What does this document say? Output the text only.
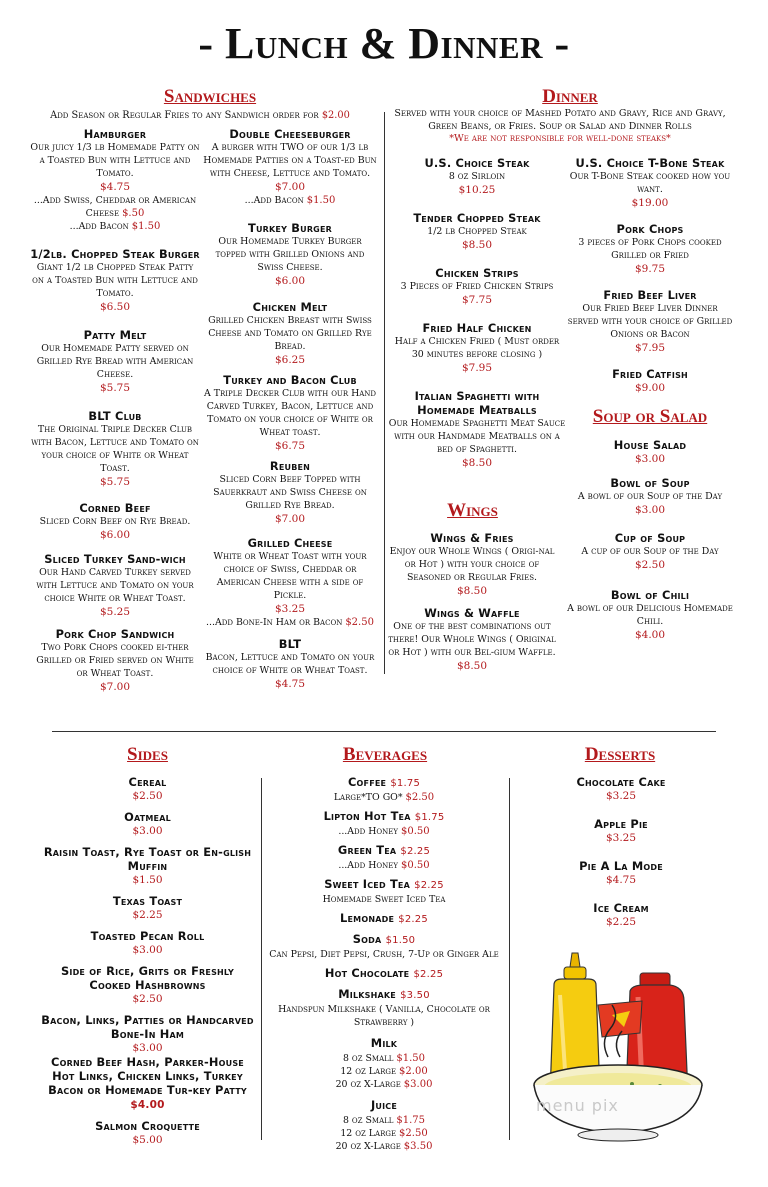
- Lunch & Dinner -
Sandwiches
Add Season or Regular Fries to any Sandwich order for $2.00
Hamburger
Our juicy 1/3 lb Homemade Patty on a Toasted Bun with Lettuce and Tomato.
$4.75
...Add Swiss, Cheddar or American Cheese $.50
...Add Bacon $1.50
1/2lb. Chopped Steak Burger
Giant 1/2 lb Chopped Steak Patty on a Toasted Bun with Lettuce and Tomato.
$6.50
Patty Melt
Our Homemade Patty served on Grilled Rye Bread with American Cheese.
$5.75
BLT Club
The Original Triple Decker Club with Bacon, Lettuce and Tomato on your choice of White or Wheat Toast.
$5.75
Corned Beef
Sliced Corn Beef on Rye Bread.
$6.00
Sliced Turkey Sand-wich
Our Hand Carved Turkey served with Lettuce and Tomato on your choice White or Wheat Toast.
$5.25
Pork Chop Sandwich
Two Pork Chops cooked ei-ther Grilled or Fried served on White or Wheat Toast.
$7.00
Double Cheeseburger
A burger with TWO of our 1/3 lb Homemade Patties on a Toast-ed Bun with Cheese, Lettuce and Tomato.
$7.00
...Add Bacon $1.50
Turkey Burger
Our Homemade Turkey Burger topped with Grilled Onions and Swiss Cheese.
$6.00
Chicken Melt
Grilled Chicken Breast with Swiss Cheese and Tomato on Grilled Rye Bread.
$6.25
Turkey and Bacon Club
A Triple Decker Club with our Hand Carved Turkey, Bacon, Lettuce and Tomato on your choice of White or Wheat toast.
$6.75
Reuben
Sliced Corn Beef Topped with Sauerkraut and Swiss Cheese on Grilled Rye Bread.
$7.00
Grilled Cheese
White or Wheat Toast with your choice of Swiss, Cheddar or American Cheese with a side of Pickle.
$3.25
...Add Bone-In Ham or Bacon $2.50
BLT
Bacon, Lettuce and Tomato on your choice of White or Wheat Toast.
$4.75
Dinner
Served with your choice of Mashed Potato and Gravy, Rice and Gravy, Green Beans, or Fries. Soup or Salad and Dinner Rolls
*We are not responsible for well-done steaks*
U.S. Choice Steak
8 oz Sirloin
$10.25
Tender Chopped Steak
1/2 lb Chopped Steak
$8.50
Chicken Strips
3 Pieces of Fried Chicken Strips
$7.75
Fried Half Chicken
Half a Chicken Fried ( Must order 30 minutes before closing )
$7.95
Italian Spaghetti with Homemade Meatballs
Our Homemade Spaghetti Meat Sauce with our Handmade Meatballs on a bed of Spaghetti.
$8.50
U.S. Choice T-Bone Steak
Our T-Bone Steak cooked how you want.
$19.00
Pork Chops
3 pieces of Pork Chops cooked Grilled or Fried
$9.75
Fried Beef Liver
Our Fried Beef Liver Dinner served with your choice of Grilled Onions or Bacon
$7.95
Fried Catfish
$9.00
Wings
Wings & Fries
Enjoy our Whole Wings ( Origi-nal or Hot ) with your choice of Seasoned or Regular Fries.
$8.50
Wings & Waffle
One of the best combinations out there! Our Whole Wings ( Original or Hot ) with our Bel-gium Waffle.
$8.50
Soup or Salad
House Salad
$3.00
Bowl of Soup
A bowl of our Soup of the Day
$3.00
Cup of Soup
A cup of our Soup of the Day
$2.50
Bowl of Chili
A bowl of our Delicious Homemade Chili.
$4.00
Sides
Cereal
$2.50
Oatmeal
$3.00
Raisin Toast, Rye Toast or En-glish Muffin
$1.50
Texas Toast
$2.25
Toasted Pecan Roll
$3.00
Side of Rice, Grits or Freshly Cooked Hashbrowns
$2.50
Bacon, Links, Patties or Handcarved Bone-In Ham
$3.00
Corned Beef Hash, Parker-House Hot Links, Chicken Links, Turkey Bacon or Homemade Tur-key Patty $4.00
Salmon Croquette
$5.00
Beverages
Coffee $1.75
Large*TO GO* $2.50
Lipton Hot Tea $1.75
...Add Honey $0.50
Green Tea $2.25
...Add Honey $0.50
Sweet Iced Tea $2.25
Homemade Sweet Iced Tea
Lemonade $2.25
Soda $1.50
Can Pepsi, Diet Pepsi, Crush, 7-Up or Ginger Ale
Hot Chocolate $2.25
Milkshake $3.50
Handspun Milkshake ( Vanilla, Chocolate or Strawberry )
Milk
8 oz Small $1.50
12 oz Large $2.00
20 oz X-Large $3.00
Juice
8 oz Small $1.75
12 oz Large $2.50
20 oz X-Large $3.50
Desserts
Chocolate Cake
$3.25
Apple Pie
$3.25
Pie A La Mode
$4.75
Ice Cream
$2.25
menu pix
